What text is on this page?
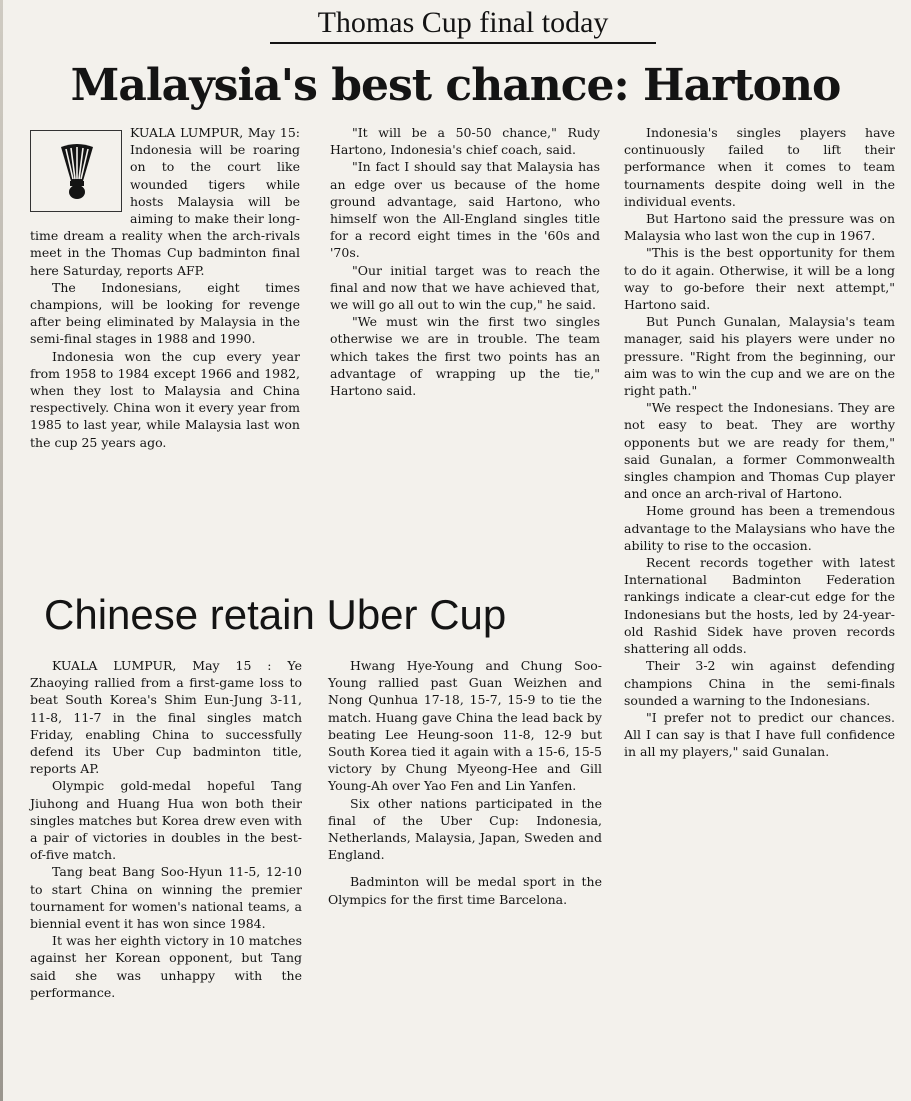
Thomas Cup final today
Malaysia's best chance: Hartono

KUALA LUMPUR, May 15: Indonesia will be roaring on to the court like wounded tigers while hosts Malaysia will be aiming to make their long-time dream a reality when the arch-rivals meet in the Thomas Cup badminton final here Saturday, reports AFP.

The Indonesians, eight times champions, will be looking for revenge after being eliminated by Malaysia in the semi-final stages in 1988 and 1990.

Indonesia won the cup every year from 1958 to 1984 except 1966 and 1982, when they lost to Malaysia and China respectively. China won it every year from 1985 to last year, while Malaysia last won the cup 25 years ago.

"It will be a 50-50 chance," Rudy Hartono, Indonesia's chief coach, said.

"In fact I should say that Malaysia has an edge over us because of the home ground advantage, said Hartono, who himself won the All-England singles title for a record eight times in the '60s and '70s.

"Our initial target was to reach the final and now that we have achieved that, we will go all out to win the cup," he said.

"We must win the first two singles otherwise we are in trouble. The team which takes the first two points has an advantage of wrapping up the tie," Hartono said.

Indonesia's singles players have continuously failed to lift their performance when it comes to team tournaments despite doing well in the individual events.

But Hartono said the pressure was on Malaysia who last won the cup in 1967.

"This is the best opportunity for them to do it again. Otherwise, it will be a long way to go-before their next attempt," Hartono said.

But Punch Gunalan, Malaysia's team manager, said his players were under no pressure. "Right from the beginning, our aim was to win the cup and we are on the right path."

"We respect the Indonesians. They are not easy to beat. They are worthy opponents but we are ready for them," said Gunalan, a former Commonwealth singles champion and Thomas Cup player and once an arch-rival of Hartono.

Home ground has been a tremendous advantage to the Malaysians who have the ability to rise to the occasion.

Recent records together with latest International Badminton Federation rankings indicate a clear-cut edge for the Indonesians but the hosts, led by 24-year-old Rashid Sidek have proven records shattering all odds.

Their 3-2 win against defending champions China in the semi-finals sounded a warning to the Indonesians.

"I prefer not to predict our chances. All I can say is that I have full confidence in all my players," said Gunalan.

Chinese retain Uber Cup

KUALA LUMPUR, May 15 : Ye Zhaoying rallied from a first-game loss to beat South Korea's Shim Eun-Jung 3-11, 11-8, 11-7 in the final singles match Friday, enabling China to successfully defend its Uber Cup badminton title, reports AP.

Olympic gold-medal hopeful Tang Jiuhong and Huang Hua won both their singles matches but Korea drew even with a pair of victories in doubles in the best-of-five match.

Tang beat Bang Soo-Hyun 11-5, 12-10 to start China on winning the premier tournament for women's national teams, a biennial event it has won since 1984.

It was her eighth victory in 10 matches against her Korean opponent, but Tang said she was unhappy with the performance.

Hwang Hye-Young and Chung Soo-Young rallied past Guan Weizhen and Nong Qunhua 17-18, 15-7, 15-9 to tie the match. Huang gave China the lead back by beating Lee Heung-soon 11-8, 12-9 but South Korea tied it again with a 15-6, 15-5 victory by Chung Myeong-Hee and Gill Young-Ah over Yao Fen and Lin Yanfen.

Six other nations participated in the final of the Uber Cup: Indonesia, Netherlands, Malaysia, Japan, Sweden and England.

Badminton will be medal sport in the Olympics for the first time Barcelona.
